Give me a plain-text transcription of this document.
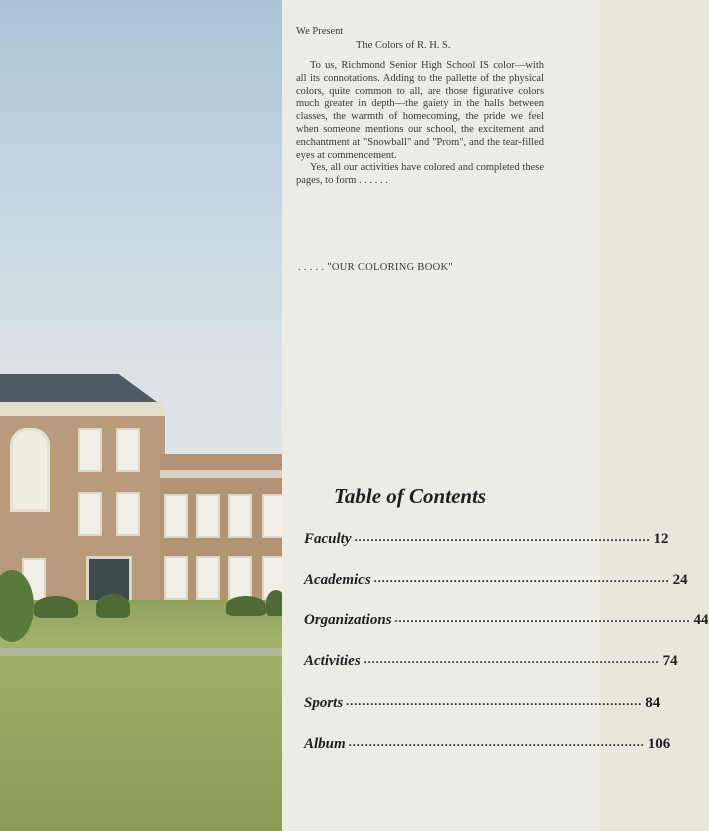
We Present
The Colors of R. H. S.

To us, Richmond Senior High School IS color—with all its connotations. Adding to the pallette of the physical colors, quite common to all, are those figurative colors much greater in depth—the gaiety in the halls between classes, the warmth of homecoming, the pride we feel when someone mentions our school, the excitement and enchantment at "Snowball" and "Prom", and the tear-filled eyes at commencement.

Yes, all our activities have colored and completed these pages, to form . . . . . .

. . . . . "OUR COLORING BOOK"
Table of Contents
Faculty .......................................................................... 12
Academics .......................................................................... 24
Organizations .......................................................................... 44
Activities .......................................................................... 74
Sports .......................................................................... 84
Album .......................................................................... 106
